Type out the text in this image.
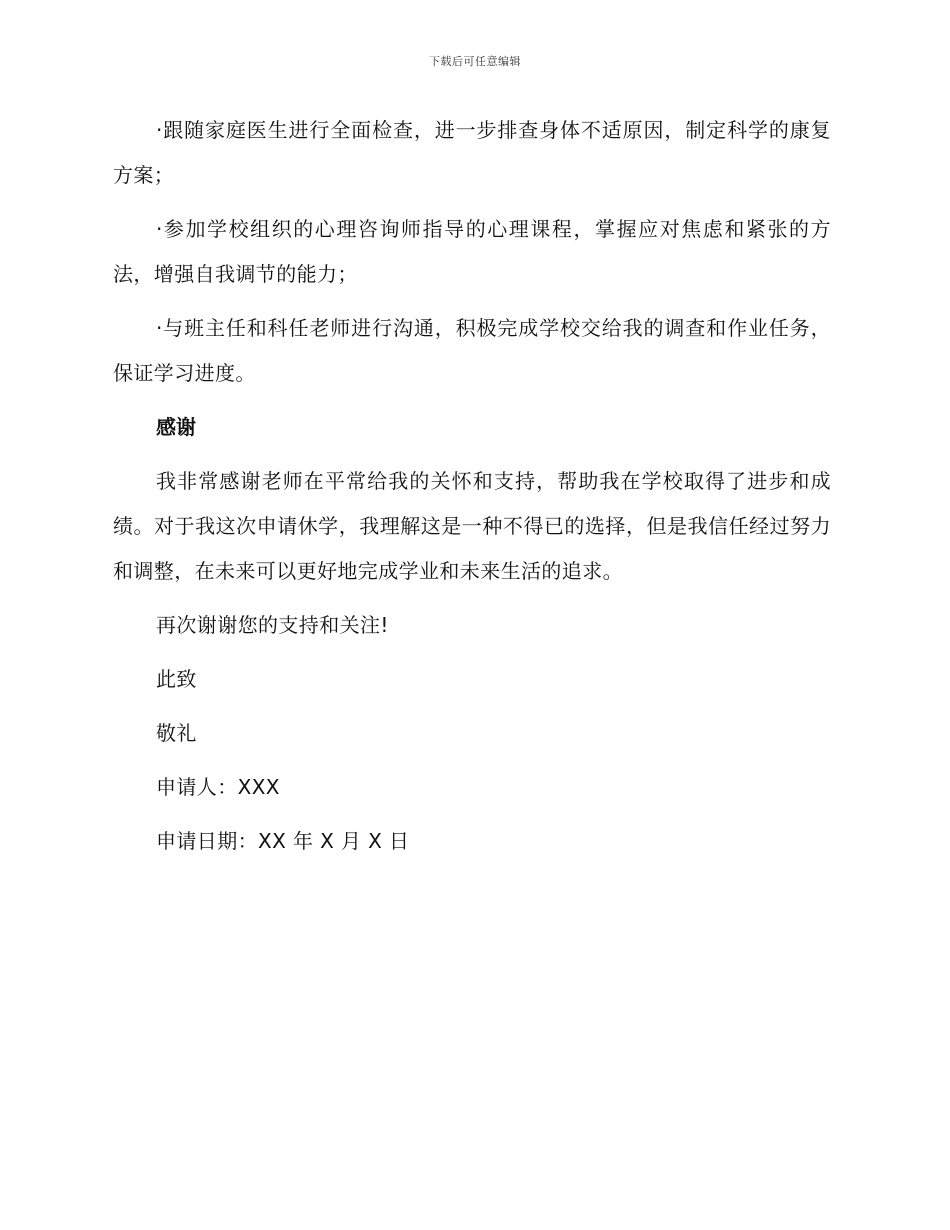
下载后可任意编辑

·跟随家庭医生进行全面检查，进一步排查身体不适原因，制定科学的康复方案；

·参加学校组织的心理咨询师指导的心理课程，掌握应对焦虑和紧张的方法，增强自我调节的能力；

·与班主任和科任老师进行沟通，积极完成学校交给我的调查和作业任务，保证学习进度。

感谢

我非常感谢老师在平常给我的关怀和支持，帮助我在学校取得了进步和成绩。对于我这次申请休学，我理解这是一种不得已的选择，但是我信任经过努力和调整，在未来可以更好地完成学业和未来生活的追求。

再次谢谢您的支持和关注!

此致

敬礼

申请人：XXX

申请日期：XX 年 X 月 X 日
